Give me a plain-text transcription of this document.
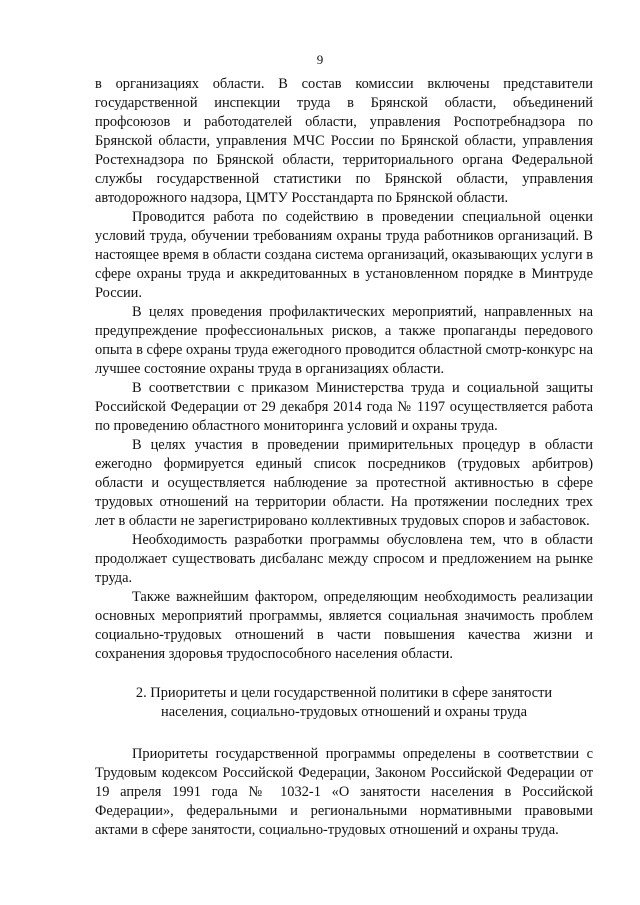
9

в организациях области. В состав комиссии включены представители государственной инспекции труда в Брянской области, объединений профсоюзов и работодателей области, управления Роспотребнадзора по Брянской области, управления МЧС России по Брянской области, управления Ростехнадзора по Брянской области, территориального органа Федеральной службы государственной статистики по Брянской области, управления автодорожного надзора, ЦМТУ Росстандарта по Брянской области.

Проводится работа по содействию в проведении специальной оценки условий труда, обучении требованиям охраны труда работников организаций. В настоящее время в области создана система организаций, оказывающих услуги в сфере охраны труда и аккредитованных в установленном порядке в Минтруде России.

В целях проведения профилактических мероприятий, направленных на предупреждение профессиональных рисков, а также пропаганды передового опыта в сфере охраны труда ежегодного проводится областной смотр-конкурс на лучшее состояние охраны труда в организациях области.

В соответствии с приказом Министерства труда и социальной защиты Российской Федерации от 29 декабря 2014 года № 1197 осуществляется работа по проведению областного мониторинга условий и охраны труда.

В целях участия в проведении примирительных процедур в области ежегодно формируется единый список посредников (трудовых арбитров) области и осуществляется наблюдение за протестной активностью в сфере трудовых отношений на территории области. На протяжении последних трех лет в области не зарегистрировано коллективных трудовых споров и забастовок.

Необходимость разработки программы обусловлена тем, что в области продолжает существовать дисбаланс между спросом и предложением на рынке труда.

Также важнейшим фактором, определяющим необходимость реализации основных мероприятий программы, является социальная значимость проблем социально-трудовых отношений в части повышения качества жизни и сохранения здоровья трудоспособного населения области.

2. Приоритеты и цели государственной политики в сфере занятости населения, социально-трудовых отношений и охраны труда

Приоритеты государственной программы определены в соответствии с Трудовым кодексом Российской Федерации, Законом Российской Федерации от 19 апреля 1991 года № 1032-1 «О занятости населения в Российской Федерации», федеральными и региональными нормативными правовыми актами в сфере занятости, социально-трудовых отношений и охраны труда.
